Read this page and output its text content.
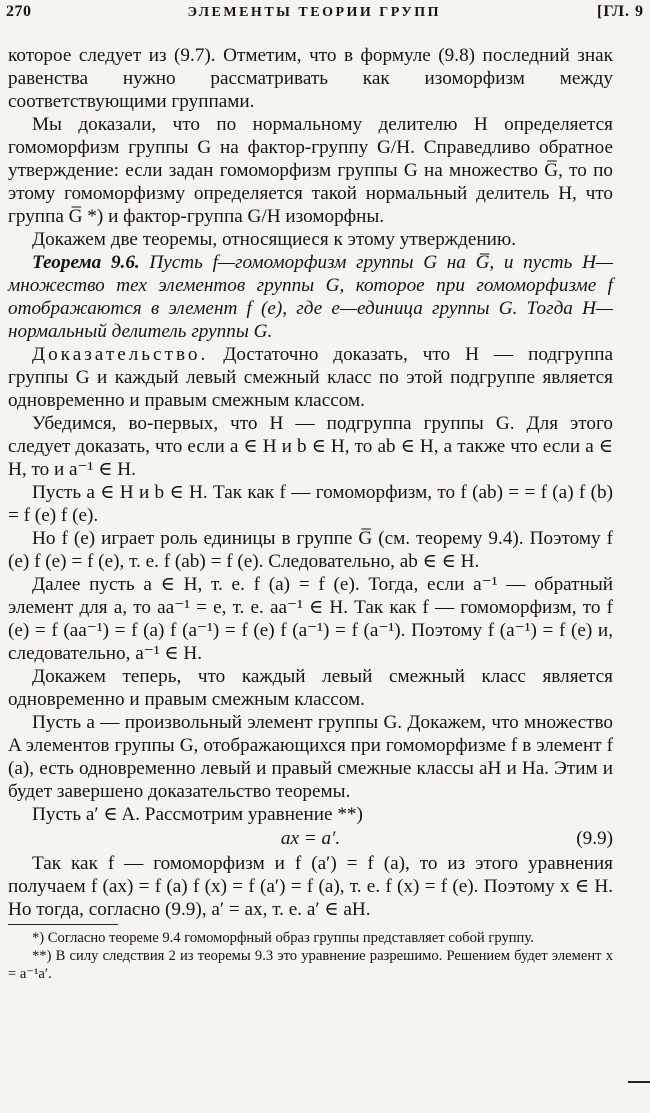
270	ЭЛЕМЕНТЫ ТЕОРИИ ГРУПП	[ГЛ. 9

которое следует из (9.7). Отметим, что в формуле (9.8) последний знак равенства нужно рассматривать как изоморфизм между соответствующими группами.

Мы доказали, что по нормальному делителю H определяется гомоморфизм группы G на фактор-группу G/H. Справедливо обратное утверждение: если задан гомоморфизм группы G на множество G̅, то по этому гомоморфизму определяется такой нормальный делитель H, что группа G̅ *) и фактор-группа G/H изоморфны.

Докажем две теоремы, относящиеся к этому утверждению.

Теорема 9.6. Пусть f—гомоморфизм группы G на G̅, и пусть H—множество тех элементов группы G, которое при гомоморфизме f отображаются в элемент f (e), где e—единица группы G. Тогда H—нормальный делитель группы G.

Доказательство. Достаточно доказать, что H — подгруппа группы G и каждый левый смежный класс по этой подгруппе является одновременно и правым смежным классом.

Убедимся, во-первых, что H — подгруппа группы G. Для этого следует доказать, что если a ∈ H и b ∈ H, то ab ∈ H, а также что если a ∈ H, то и a⁻¹ ∈ H.

Пусть a ∈ H и b ∈ H. Так как f — гомоморфизм, то f (ab) = = f (a) f (b) = f (e) f (e).

Но f (e) играет роль единицы в группе G̅ (см. теорему 9.4). Поэтому f (e) f (e) = f (e), т. е. f (ab) = f (e). Следовательно, ab ∈ ∈ H.

Далее пусть a ∈ H, т. е. f (a) = f (e). Тогда, если a⁻¹ — обратный элемент для a, то aa⁻¹ = e, т. е. aa⁻¹ ∈ H. Так как f — гомоморфизм, то f (e) = f (aa⁻¹) = f (a) f (a⁻¹) = f (e) f (a⁻¹) = f (a⁻¹). Поэтому f (a⁻¹) = f (e) и, следовательно, a⁻¹ ∈ H.

Докажем теперь, что каждый левый смежный класс является одновременно и правым смежным классом.

Пусть a — произвольный элемент группы G. Докажем, что множество A элементов группы G, отображающихся при гомоморфизме f в элемент f (a), есть одновременно левый и правый смежные классы aH и Ha. Этим и будет завершено доказательство теоремы.

Пусть a′ ∈ A. Рассмотрим уравнение **)

ax = a′.	(9.9)

Так как f — гомоморфизм и f (a′) = f (a), то из этого уравнения получаем f (ax) = f (a) f (x) = f (a′) = f (a), т. е. f (x) = f (e). Поэтому x ∈ H. Но тогда, согласно (9.9), a′ = ax, т. е. a′ ∈ aH.

*) Согласно теореме 9.4 гомоморфный образ группы представляет собой группу.

**) В силу следствия 2 из теоремы 9.3 это уравнение разрешимо. Решением будет элемент x = a⁻¹a′.
